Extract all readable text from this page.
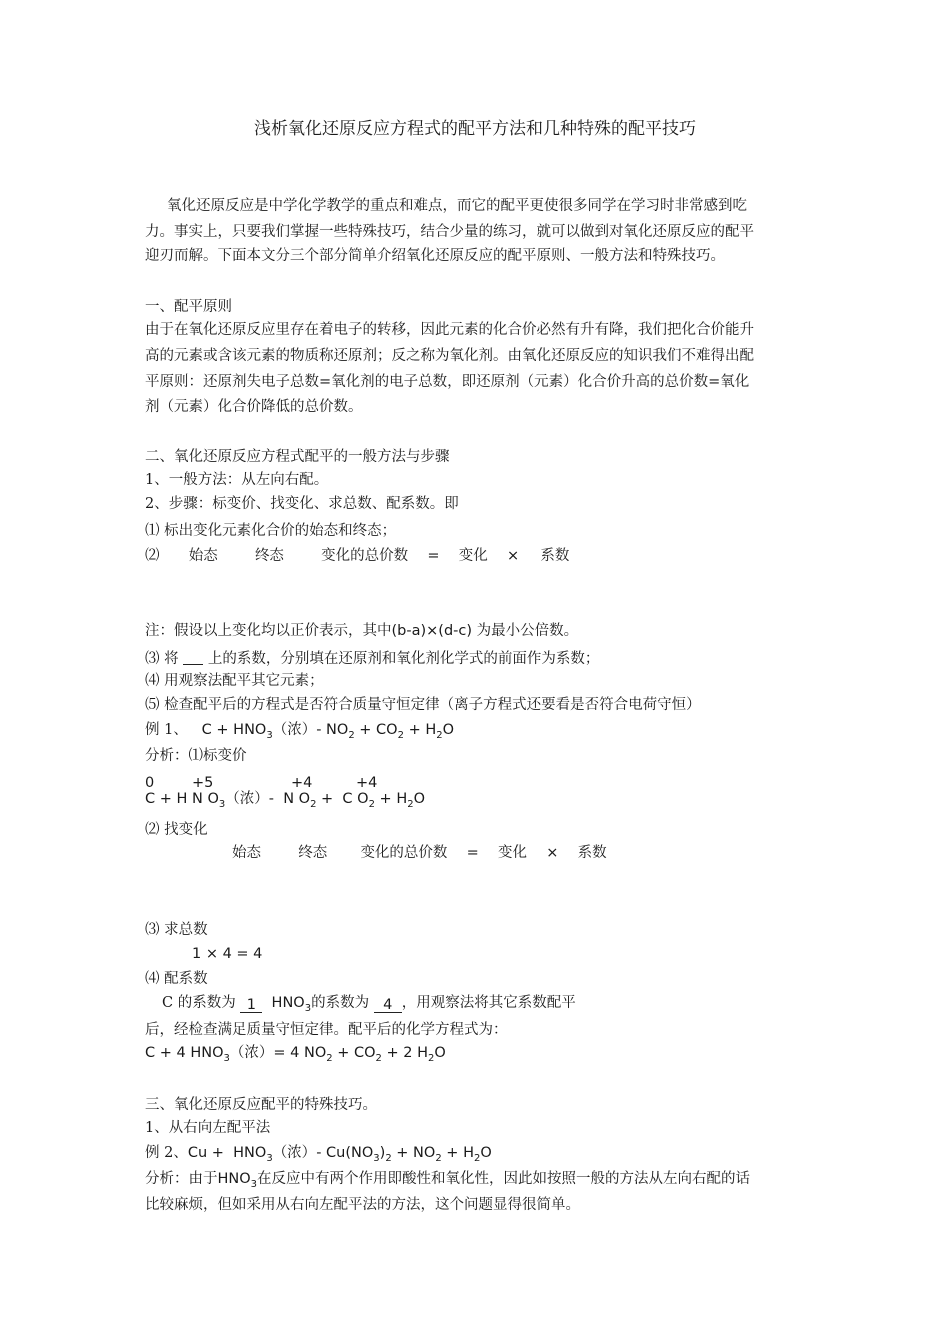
浅析氧化还原反应方程式的配平方法和几种特殊的配平技巧
氧化还原反应是中学化学教学的重点和难点，而它的配平更使很多同学在学习时非常感到吃
力。事实上，只要我们掌握一些特殊技巧，结合少量的练习，就可以做到对氧化还原反应的配平
迎刃而解。下面本文分三个部分简单介绍氧化还原反应的配平原则、一般方法和特殊技巧。
一、配平原则
由于在氧化还原反应里存在着电子的转移，因此元素的化合价必然有升有降，我们把化合价能升
高的元素或含该元素的物质称还原剂；反之称为氧化剂。由氧化还原反应的知识我们不难得出配
平原则：还原剂失电子总数=氧化剂的电子总数，即还原剂（元素）化合价升高的总价数=氧化
剂（元素）化合价降低的总价数。
二、氧化还原反应方程式配平的一般方法与步骤
1、一般方法：从左向右配。
2、步骤：标变价、找变化、求总数、配系数。即
⑴ 标出变化元素化合价的始态和终态；
⑵ 始态	终态	变化的总价数 = 变化 × 系数
注：假设以上变化均以正价表示，其中(b-a)×(d-c) 为最小公倍数。
⑶ 将 上的系数，分别填在还原剂和氧化剂化学式的前面作为系数；
⑷ 用观察法配平其它元素；
⑸ 检查配平后的方程式是否符合质量守恒定律（离子方程式还要看是否符合电荷守恒）
例 1、   $C + HNO_3$（浓）- $NO_2 + CO_2 + H_2O$
分析：⑴标变价
0	+5	+4	+4
C + H N $O_3$（浓）-  N $O_2 + C$ $O_2 + H_2O$
⑵ 找变化
始态	终态 变化的总价数 = 变化 × 系数
⑶ 求总数
1 × 4 = 4
⑷ 配系数
C 的系数为 1 $HNO_3$的系数为 4 ，用观察法将其它系数配平
后，经检查满足质量守恒定律。配平后的化学方程式为：
C + 4 $HNO_3$（浓）= 4 $NO_2 + CO_2 + 2$ $H_2O$
三、氧化还原反应配平的特殊技巧。
1、从右向左配平法
例 2、$Cu + HNO_3$（浓）- $Cu(NO_3)_2 + NO_2 + H_2O$
分析：由于$HNO_3$在反应中有两个作用即酸性和氧化性，因此如按照一般的方法从左向右配的话
比较麻烦，但如采用从右向左配平法的方法，这个问题显得很简单。
